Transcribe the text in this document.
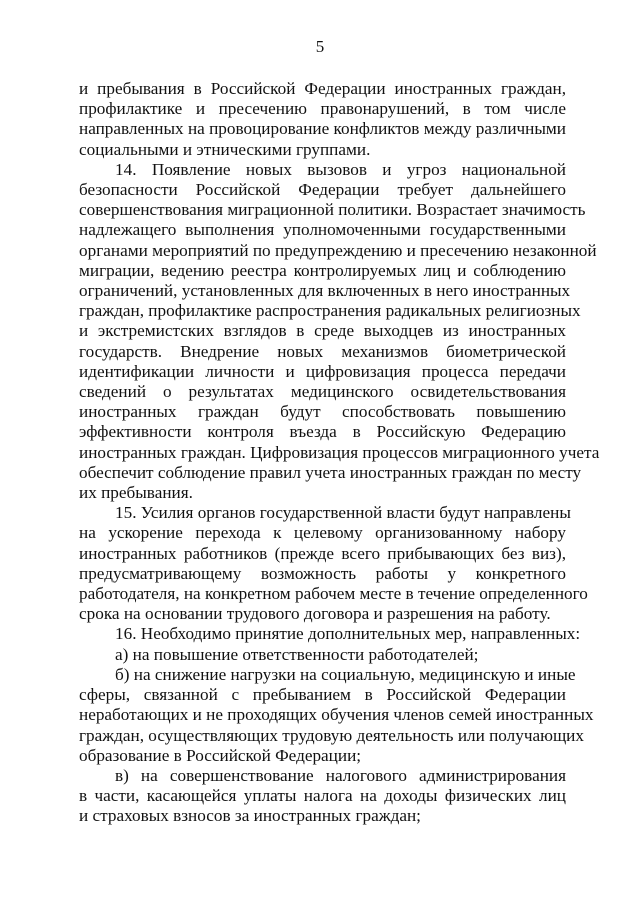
5
и пребывания в Российской Федерации иностранных граждан,
профилактике и пресечению правонарушений, в том числе
направленных на провоцирование конфликтов между различными
социальными и этническими группами.
14. Появление новых вызовов и угроз национальной
безопасности Российской Федерации требует дальнейшего
совершенствования миграционной политики. Возрастает значимость
надлежащего выполнения уполномоченными государственными
органами мероприятий по предупреждению и пресечению незаконной
миграции, ведению реестра контролируемых лиц и соблюдению
ограничений, установленных для включенных в него иностранных
граждан, профилактике распространения радикальных религиозных
и экстремистских взглядов в среде выходцев из иностранных
государств. Внедрение новых механизмов биометрической
идентификации личности и цифровизация процесса передачи
сведений о результатах медицинского освидетельствования
иностранных граждан будут способствовать повышению
эффективности контроля въезда в Российскую Федерацию
иностранных граждан. Цифровизация процессов миграционного учета
обеспечит соблюдение правил учета иностранных граждан по месту
их пребывания.
15. Усилия органов государственной власти будут направлены
на ускорение перехода к целевому организованному набору
иностранных работников (прежде всего прибывающих без виз),
предусматривающему возможность работы у конкретного
работодателя, на конкретном рабочем месте в течение определенного
срока на основании трудового договора и разрешения на работу.
16. Необходимо принятие дополнительных мер, направленных:
а) на повышение ответственности работодателей;
б) на снижение нагрузки на социальную, медицинскую и иные
сферы, связанной с пребыванием в Российской Федерации
неработающих и не проходящих обучения членов семей иностранных
граждан, осуществляющих трудовую деятельность или получающих
образование в Российской Федерации;
в) на совершенствование налогового администрирования
в части, касающейся уплаты налога на доходы физических лиц
и страховых взносов за иностранных граждан;
